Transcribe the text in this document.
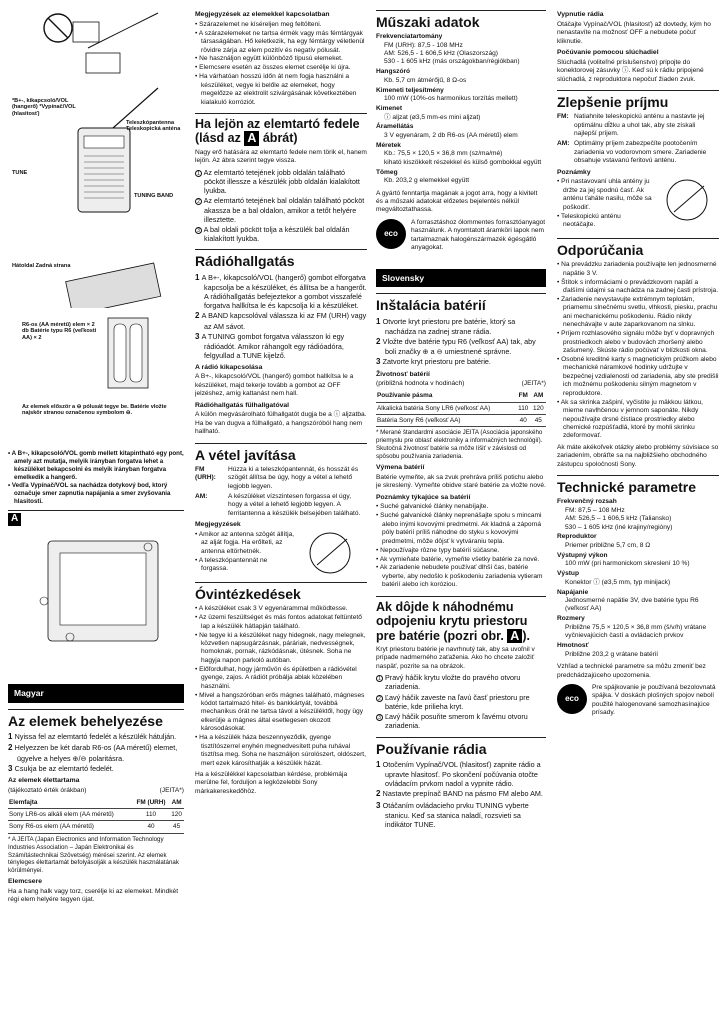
*B+-, kikapcsoló/VOL (hangerő) *Vypínač/VOL (hlasitosť)
Teleszkópantenna Teleskopická anténa
TUNE
TUNING BAND
Hátoldal Zadná strana
R6-os (AA méretű) elem × 2 db Batérie typu R6 (veľkosti AA) × 2
Az elemek először a ⊖ pólusát tegye be. Batérie vložte najskôr stranou označenou symbolom ⊖.
• A B+-, kikapcsoló/VOL gomb mellett kitapintható egy pont, amely azt mutatja, melyik irányban forgatva lehet a készüléket bekapcsolni és melyik irányban forgatva emelkedik a hangerő.
• Vedľa Vypínač/VOL sa nachádza dotykový bod, ktorý označuje smer zapnutia napájania a smer zvyšovania hlasitosti.
A
Magyar
Az elemek behelyezése
1 Nyissa fel az elemtartó fedelét a készülék hátulján.
2 Helyezzen be két darab R6-os (AA méretű) elemet, ügyelve a helyes ⊕/⊖ polaritásra.
3 Csukja be az elemtartó fedelét.
Az elemek élettartama
(tájékoztató érték órákban)	(JEITA*)
Elemfajta	FM (URH)	AM
Sony LR6-os alkáli elem (AA méretű)	110	120
Sony R6-os elem (AA méretű)	40	45

* A JEITA (Japan Electronics and Information Technology Industries Association – Japán Elektronikai és Számítástechnikai Szövetség) mérései szerint. Az elemek tényleges élettartamát befolyásolják a készülék használatának körülményei.

Elemcsere

Ha a hang halk vagy torz, cserélje ki az elemeket. Mindkét régi elem helyére tegyen újat.

Megjegyzések az elemekkel kapcsolatban
• Szárazelemet ne kíséreljen meg feltölteni.
• A szárazelemeket ne tartsa érmék vagy más fémtárgyak társaságában. Hő keletkezik, ha egy fémtárgy véletlenül rövidre zárja az elem pozitív és negatív pólusát.
• Ne használjon együtt különböző típusú elemeket.
• Elemcsere esetén az összes elemet cserélje ki újra.
• Ha várhatóan hosszú időn át nem fogja használni a készüléket, vegye ki belőle az elemeket, hogy megelőzze az elektrolit szivárgásának következtében kialakuló korróziót.
Ha lejön az elemtartó fedele (lásd az A ábrát)

Nagy erő hatására az elemtartó fedele nem törik el, hanem lejön. Az ábra szerint tegye vissza.

1 Az elemtartó tetejének jobb oldalán található pöcköt illessze a készülék jobb oldalán kialakított lyukba.
2 Az elemtartó tetejének bal oldalán található pöcköt akassza be a bal oldalon, amikor a tetőt helyére illesztette.
3 A bal oldali pöcköt tolja a készülék bal oldalán kialakított lyukba.
Rádióhallgatás
1 A B+-, kikapcsoló/VOL (hangerő) gombot elforgatva kapcsolja be a készüléket, és állítsa be a hangerőt. A rádióhallgatás befejeztekor a gombot visszafelé forgatva hallkítsa le és kapcsolja ki a készüléket.
2 A BAND kapcsolóval válassza ki az FM (URH) vagy az AM sávot.
3 A TUNING gombot forgatva válasszon ki egy rádióadót. Amikor ráhangolt egy rádióadóra, felgyullad a TUNE kijelző.
A rádió kikapcsolása

A B+-, kikapcsoló/VOL (hangerő) gombot hallkítsa le a készüléket, majd tekerje tovább a gombot az OFF jelzéshez, amíg kattanást nem hall.

Rádióhallgatás fülhallgatóval

A külön megvásárolható fülhallgatót dugja be a ⓘ aljzatba. Ha be van dugva a fülhallgató, a hangszóróból hang nem hallható.

A vétel javítása
FM (URH):
Húzza ki a teleszkópantennát, és hosszát és szögét állítsa be úgy, hogy a vétel a lehető legjobb legyen.
AM:	A készüléket vízszintesen forgassa el úgy, hogy a vétel a lehető legjobb legyen. A ferritantenna a készülék belsejében található.
Megjegyzések
• Amikor az antenna szögét állítja, az alját fogja. Ha erőlteti, az antenna eltörhetnék.
• A teleszkópantennát ne forgassa.
Óvintézkedések
• A készüléket csak 3 V egyenárammal működtesse.
• Az üzemi feszültséget és más fontos adatokat feltüntető lap a készülék hátlapján található.
• Ne tegye ki a készüléket nagy hidegnek, nagy melegnek, közvetlen napsugárzásnak, páráriak, nedvességnek, homoknak, pornak, rázkódásnak, ütésnek. Soha ne hagyja napon parkoló autóban.
• Előfordulhat, hogy járművön és épületben a rádióvétel gyenge, zajos. A rádiót próbálja ablak közelében használni.
• Mivel a hangszóróban erős mágnes található, mágneses kódot tartalmazó hitel- és bankkártyát, továbbá mechanikus órát ne tartsa távol a készüléktől, hogy ügy elkerülje a mágnes által esetlegesen okozott károsodásokat.
• Ha a készülék háza beszennyeződik, gyenge tisztítószerrel enyhén megnedvesített puha ruhával tisztítsa meg. Soha ne használjon súrolószert, oldószert, mert ezek károsíthatják a készülék házát.

Ha a készülékkel kapcsolatban kérdése, problémája merülne fel, forduljon a legközelebbi Sony márkakereskedőhöz.

Műszaki adatok
Frekvenciatartomány
FM (URH): 87,5 - 108 MHz
AM: 526,5 - 1 606,5 kHz (Olaszország)
530 - 1 605 kHz (más országokban/régiókban)
Hangszóró
Kb. 5,7 cm átmérőjű, 8 Ω-os
Kimeneti teljesítmény
100 mW (10%-os harmonikus torzítás mellett)
Kimenet
ⓘ aljzat (ø3,5 mm-es mini aljzat)
Áramellátás
3 V egyenáram, 2 db R6-os (AA méretű) elem
Méretek
Kb.: 75,5 × 120,5 × 36,8 mm (sz/ma/mé)
kiható kiszökkelt részekkel és külső gombokkal együtt
Tömeg
Kb. 203,2 g elemekkel együtt

A gyártó fenntartja magának a jogot arra, hogy a kivitelt és a műszaki adatokat előzetes bejelentés nélkül megváltoztathassa.

eco

A forrasztáshoz ólommentes forrasztóanyagot használunk. A nyomtatott áramköri lapok nem tartalmaznak halogénszármazék égésgátló anyagokat.

Slovensky
Inštalácia batérií
1 Otvorte kryt priestoru pre batérie, ktorý sa nachádza na zadnej strane rádia.
2 Vložte dve batérie typu R6 (veľkosť AA) tak, aby boli značky ⊕ a ⊖ umiestnené správne.
3 Zatvorte kryt priestoru pre batérie.
Životnosť batérií
(približná hodnota v hodinách)	(JEITA*)
Používanie pásma	FM	AM
Alkalická batéria Sony LR6 (veľkosť AA)	110	120
Batéria Sony R6 (veľkosť AA)	40	45

* Merané štandardmi asociácie JEITA (Asociácia japonského priemyslu pre oblasť elektroniky a informačných technológií). Skutočná životnosť batérie sa môže líšiť v závislosti od spôsobu používania zariadenia.

Výmena batérií

Batérie vymeňte, ak sa zvuk prehráva príliš potichu alebo je skreslený. Vymeňte obidve staré batérie za vložte nové.

Poznámky týkajúce sa batérií
• Suché galvanické články nenabíjajte.
• Suché galvanické články neprenášajte spolu s mincami alebo inými kovovými predmetmi. Ak kladná a záporná póly batérií príliš náhodne do styku s kovovými predmetmi, môže dôjsť k vytváraniu tepla.
• Nepoužívajte rôzne typy batérií súčasne.
• Ak vymieňate batérie, vymeňte všetky batérie za nové.
• Ak zariadenie nebudete používať dlhší čas, batérie vyberte, aby nedošlo k poškodeniu zariadenia vytieram batérií alebo ich koróziou.
Ak dôjde k náhodnému odpojeniu krytu priestoru pre batérie (pozri obr. A ).

Kryt priestoru batérie je navrhnutý tak, aby sa uvoľnil v prípade nadmerného zaťaženia. Ako ho chcete založiť naspäť, pozrite sa na obrázok.

1 Pravý háčik krytu vložte do pravého otvoru zariadenia.
2 Ľavý háčik zaveste na ľavú časť priestoru pre batérie, kde prilieha kryt.
3 Ľavý háčik posuňte smerom k ľavému otvoru zariadenia.
Používanie rádia
1 Otočením Vypínač/VOL (hlasitosť) zapnite rádio a upravte hlasitosť. Po skončení počúvania otočte ovládacím prvkom nadol a vypnite rádio.
2 Nastavte prepínač BAND na pásmo FM alebo AM.
3 Otáčaním ovládacieho prvku TUNING vyberte stanicu. Keď sa stanica naladí, rozsvieti sa indikátor TUNE.
Vypnutie rádia

Otáčajte Vypínač/VOL (hlasitosť) až dovtedy, kým ho nenastavíte na možnosť OFF a nebudete počuť kliknutie.

Počúvanie pomocou slúchadiel

Slúchadlá (voliteľné príslušenstvo) pripojte do konektorovej zásuvky ⓘ. Keď sú k rádiu pripojené slúchadlá, z reproduktora nepočuť žiaden zvuk.

Zlepšenie príjmu
FM: Natiahnite teleskopickú anténu a nastavte jej optimálnu dĺžku a uhol tak, aby ste získali najlepší príjem.
AM: Optimálny príjem zabezpečíte pootočením zariadenia vo vodorovnom smere. Zariadenie obsahuje vstavanú feritovú anténu.
Poznámky
• Pri nastavovaní uhla antény ju držte za jej spodnú časť. Ak anténu ťaháte nasilu, môže sa poškodiť.
• Teleskopickú anténu neotáčajte.
Odporúčania
• Na prevádzku zariadenia používajte len jednosmerné napätie 3 V.
• Štítok s informáciami o prevádzkovom napätí a ďalšími údajmi sa nachádza na zadnej časti prístroja.
• Zariadenie nevystavujte extrémnym teplotám, priamemu slnečnému svetlu, vlhkosti, piesku, prachu ani mechanickému poškodeniu. Rádio nikdy nenechávajte v aute zaparkovanom na slnku.
• Príjem rozhlasového signálu môže byť v dopravných prostriedkoch alebo v budovách zhoršený alebo zašumený. Skúste rádio počúvať v blízkosti okna.
• Osobné kreditné karty s magnetickým prúžkom alebo mechanické náramkové hodinky udržujte v bezpečnej vzdialenosti od zariadenia, aby ste predišli ich možnému poškodeniu silným magnetom v reproduktore.
• Ak sa skrinka zašpiní, vyčistite ju mäkkou látkou, mierne navlhčenou v jemnom saponáte. Nikdy nepoužívajte drsné čistiace prostriedky alebo chemické rozpúšťadlá, ktoré by mohli skrinku zdeformovať.

Ak máte akékoľvek otázky alebo problémy súvisiace so zariadením, obráťte sa na najbližšieho obchodného zástupcu spoločnosti Sony.

Technické parametre
Frekvenčný rozsah
FM: 87,5 – 108 MHz
AM: 526,5 – 1 606,5 kHz (Taliansko)
530 – 1 605 kHz (iné krajiny/regióny)
Reproduktor
Priemer približne 5,7 cm, 8 Ω
Výstupný výkon
100 mW (pri harmonickom skreslení 10 %)
Výstup
Konektor ⓘ (ø3,5 mm, typ minijack)
Napájanie
Jednosmerné napätie 3V, dve batérie typu R6 (veľkosť AA)
Rozmery
Približne 75,5 × 120,5 × 36,8 mm (š/v/h) vrátane vyčnievajúcich častí a ovládacích prvkov
Hmotnosť
Približne 203,2 g vrátane batérií

Vzhľad a technické parametre sa môžu zmeniť bez predchádzajúceho upozornenia.

eco

Pre spájkovanie je používaná bezolovnatá spájka. V doskách plošných spojov nebolí použité halogenované samozhasínajúce prísady.
